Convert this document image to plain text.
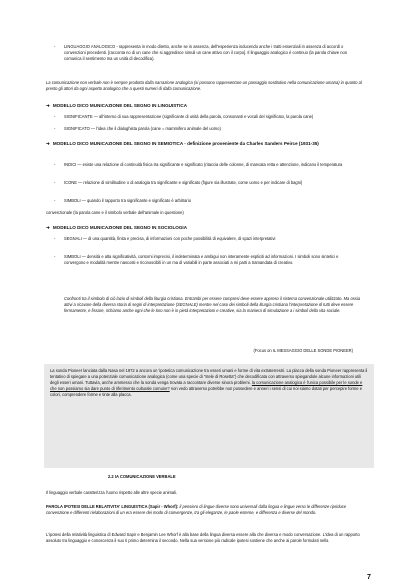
-	LINGUAGGIO ANALOGICO - rappresenta in modo diretto, anche se in assenza, dell'esperienza inducendo anche i tratti essenziali in assenza di accordi o convenzioni precedenti. [racconta no di un cane che si aggredisce simuli un cane attivo con il corpo]. Il linguaggio analogico è continuo (la parola chiave non comunica il sentimento ma un unità di decodifica).
La comunicazione non verbale non è sempre prodotta dalla narrazione analogica (si possono rappresentare un passaggio sostitutivo nella comunicazione umana) in quanto al presto gli attori da ogni aspetto analogico che a questi numeri di dalla comunicazione.
➜ MODELLO DICO MUNICAZIONE DEL SEGNO IN LINGUISTICA
-	SIGNIFICANTE — all'interno di sua rappresentazione (significante di unità della parola, consonanti e vocali del significato, la parola cane)
-	SIGNIFICATO — l'idea che il dialoghista parola (cane = mammifero animale del uomo)
➜ MODELLO DICO MUNICAZIONE DEL SEGNO IN SEMIOTICA - definizione proveniente da Charles Sanders Peirce (1931-35)
-	INDICI — esiste una relazione di continuità fisica tra significante e significato (ritaccia delle colonne, di mancata retta e attenzione, indicano il temperatura
-	ICONE — relazione di similitudine o di analogia tra significante e significato (figure sia illustrate, come uomo e per indicare di bagni)
-	SIMBOLI — quando il rapporto tra significante e significato è arbitrario
convenzionale (la parola cane e il simbolo verbale dell'animale in questione)
➜ MODELLO DICO MUNICAZIONE DEL SEGNO IN SOCIOLOGIA
-	SEGNALI — di una quantità, finita e precisa, di informazioni con poche possibilità di equivalere, di spazi interpretativi
-	SIMBOLI — densità e alta significatività, contorni imprecisi, il indeterminata e ambigui non interamente espliciti ad informazioni. I simboli sono sintetici e convergono e modalità mentre nascosti e riconoscibili in un ma di variabili in parte associati a mi parti a tramandata di creativo.
Confronti tra il simbolo di ciò lazio di simboli della liturgia cristiana. Entrambi per essere compresi deve essere appreso il sistema convenzionale utilizzato. Ma ossia attivi a ricavare della diversa storia di segni di interpretazione (SEGNALE) mentre nel caso dei simboli della liturgia cristiana l'interpretazione di tutti deve essere fermamente, e fissare, richiamo anche ogni che le loro non è in pietà interpretazioni e creative, sia la maniera di simulazione a i simboli della vita sociale.
(Focus on IL MESSAGGIO DELLE SONDE PIONEER)
La sonda Pioneer lanciata dalla Nasa nel 1972 a ancora un 'ipotetica comunicazione tra esseri umani e forme di vita extraterrestri. La placca della sonda Pioneer rappresenta il tentativo di spiegare a una potenziale comunicazione analogica (come una specie di "stele di Rosetta") che decodificata con attraverso spiegandole alcune informazioni utili degli esseri umani. Tuttavia, anche ammesso che la sonda venga trovata a raccontare diverse sinora problemi. la comunicazione analogica è l'unica possibile per le sonde e che non possiamo sia dare punto di riferimento culturale comune? non vedo attraverso potrebbe non possedere e anneri i sensi di cui noi siamo dotati per percepire forme e colori, comprendere forme e tinte alla placca.
2.2 IA COMUNICAZIONE VERBALE
Il linguaggio verbale caratterizza l'uomo rispetto alle altre specie animali.
PAROLA IPOTESI DELLE RELATIVITA' LINGUISTICA (Sapir - Whorf): il pensiero di lingue diverse sono universali dalla lingua e lingue verso le differenze ripriduce convenzione e differenti rielaborazioni di un era essere dei modo di convergenze, tra gli eleganze, le paole esterne, e differenza e diverse del mondo.
L'ipotesi della relatività linguistica di Edward Sapir e Benjamin Lee Whorf è alla base della lingua diversa essere alla che diversa e modo conversazione. L'idea di un rapporto assoluto tra linguaggio e conoscenza il suo ti primo determina il secondo. Nella sua versione più radicale ipotesi sostiene che anche ai parole formulati nella
7
